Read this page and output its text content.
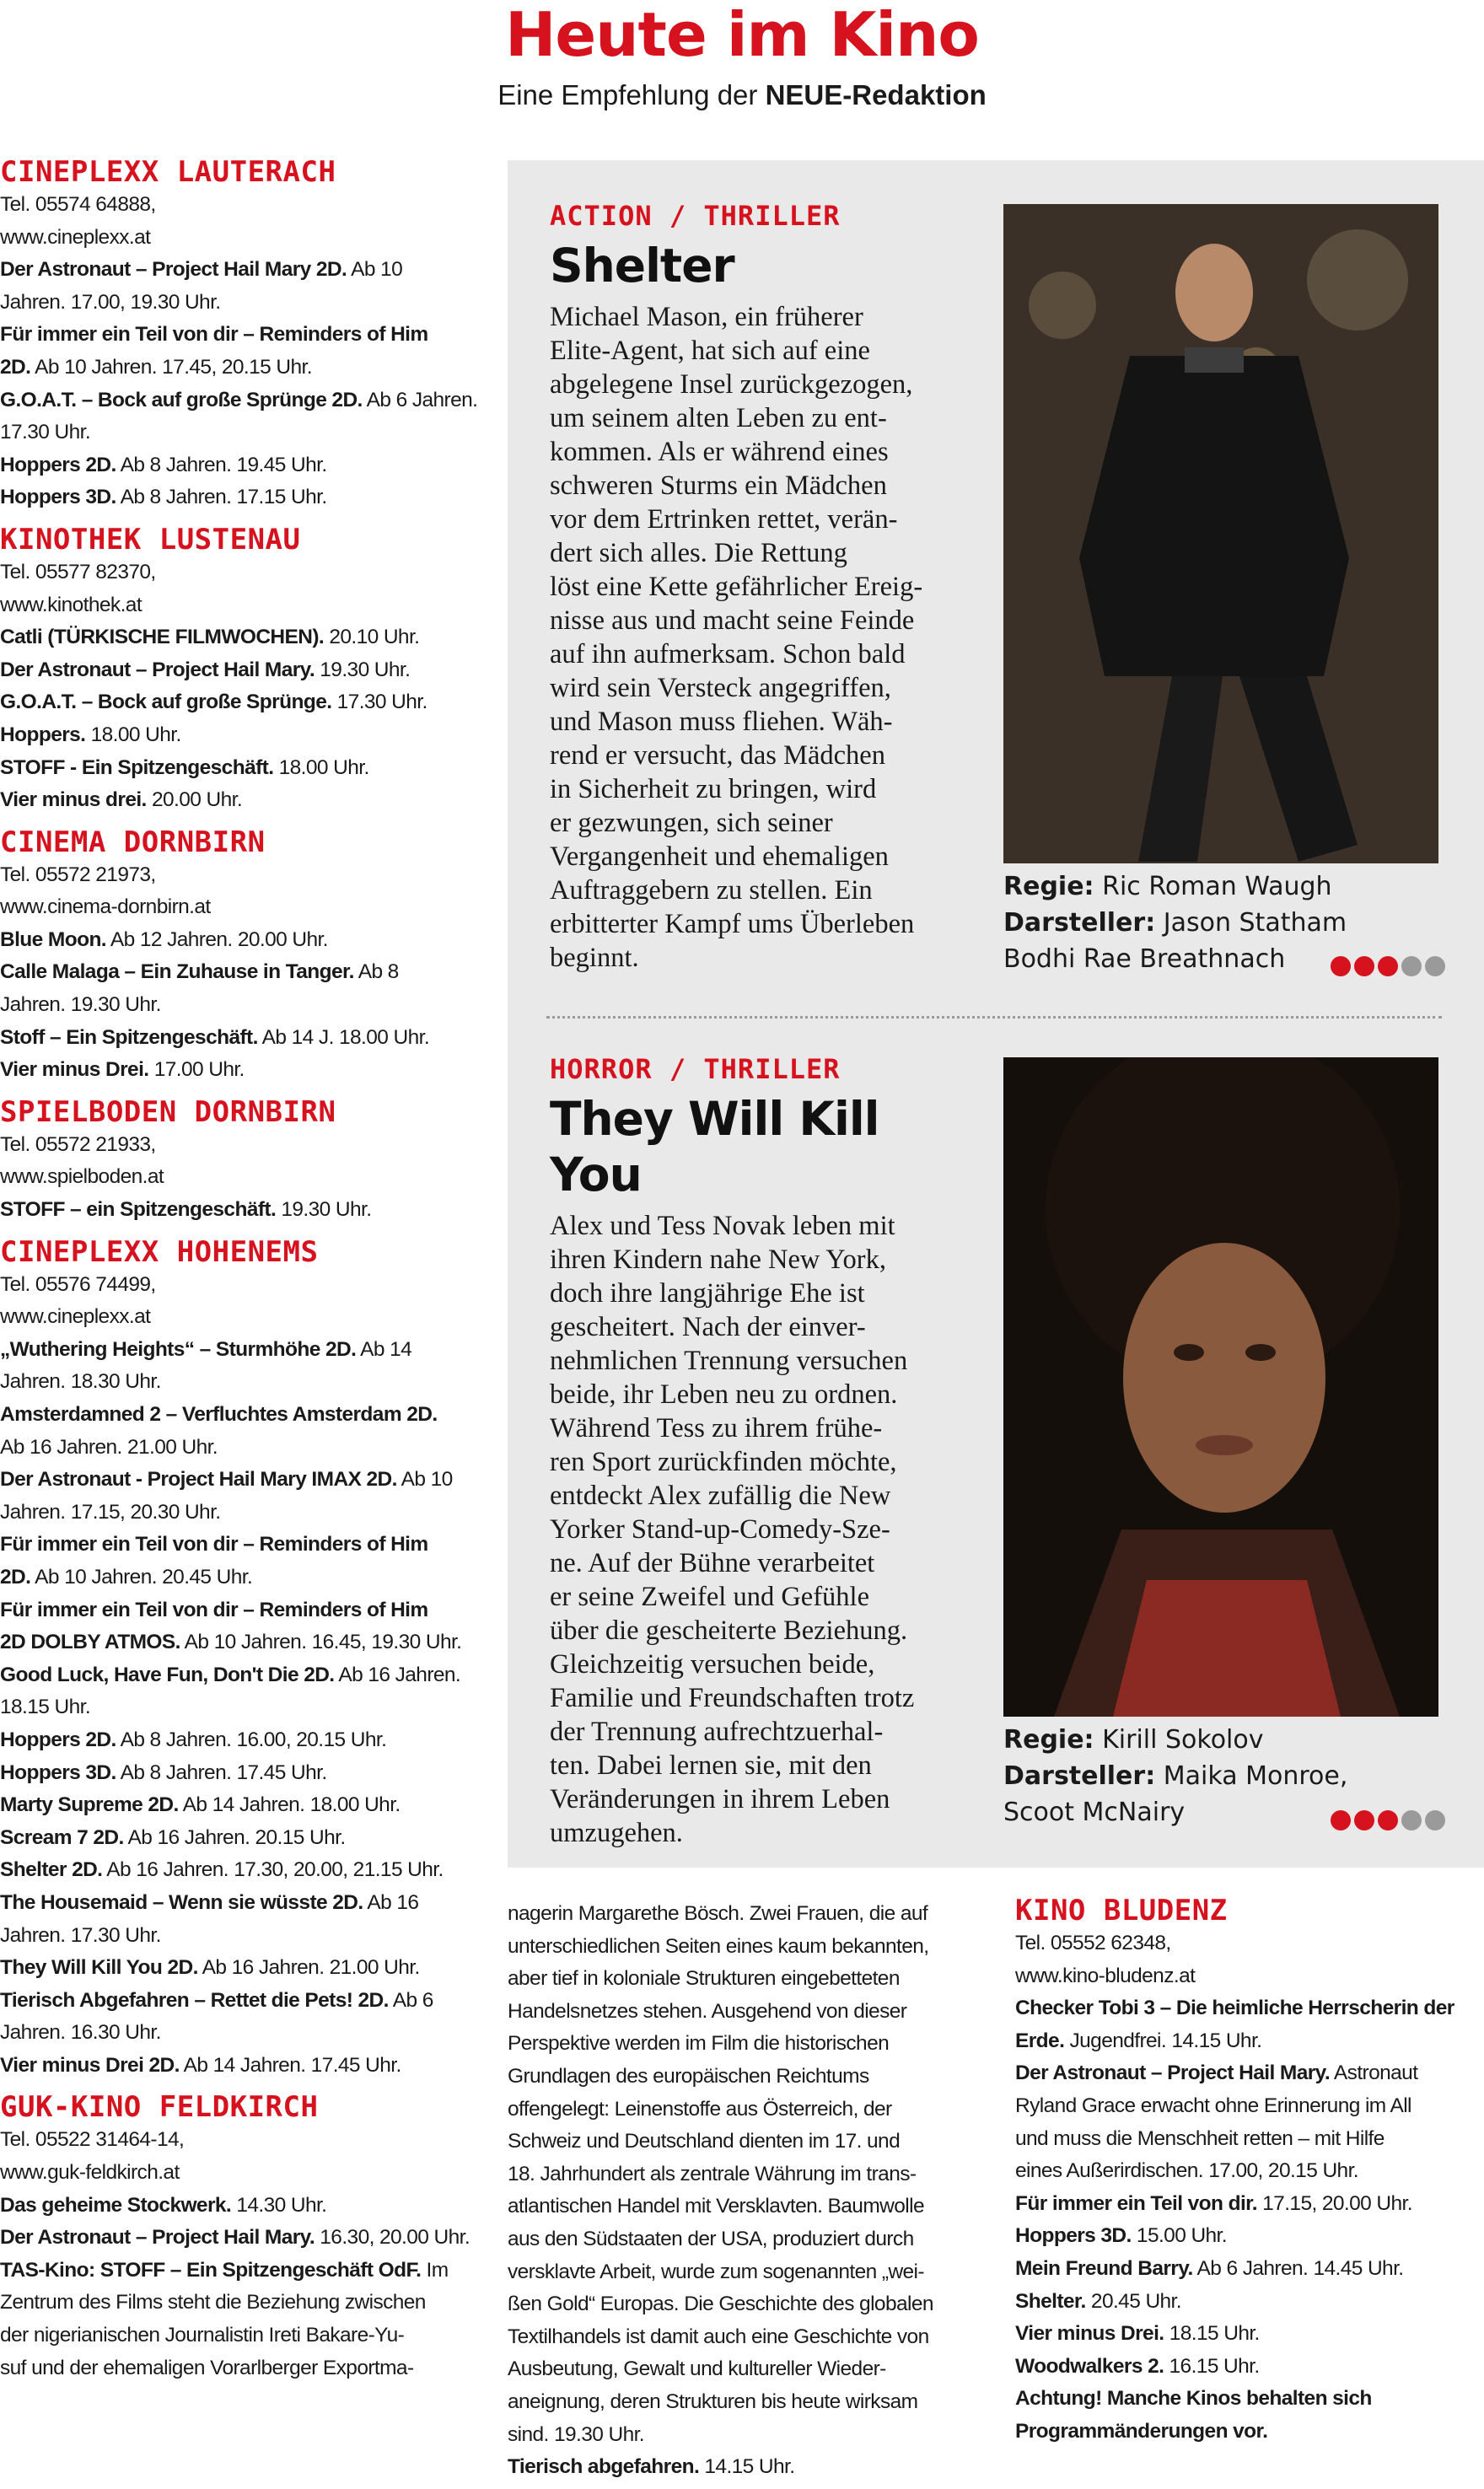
Heute im Kino
Eine Empfehlung der NEUE-Redaktion

CINEPLEXX LAUTERACH

Tel. 05574 64888,

www.cineplexx.at

Der Astronaut – Project Hail Mary 2D. Ab 10

Jahren. 17.00, 19.30 Uhr.

Für immer ein Teil von dir – Reminders of Him

2D. Ab 10 Jahren. 17.45, 20.15 Uhr.

G.O.A.T. – Bock auf große Sprünge 2D. Ab 6 Jahren.

17.30 Uhr.

Hoppers 2D. Ab 8 Jahren. 19.45 Uhr.

Hoppers 3D. Ab 8 Jahren. 17.15 Uhr.

KINOTHEK LUSTENAU

Tel. 05577 82370,

www.kinothek.at

Catli (TÜRKISCHE FILMWOCHEN). 20.10 Uhr.

Der Astronaut – Project Hail Mary. 19.30 Uhr.

G.O.A.T. – Bock auf große Sprünge. 17.30 Uhr.

Hoppers. 18.00 Uhr.

STOFF - Ein Spitzengeschäft. 18.00 Uhr.

Vier minus drei. 20.00 Uhr.

CINEMA DORNBIRN

Tel. 05572 21973,

www.cinema-dornbirn.at

Blue Moon. Ab 12 Jahren. 20.00 Uhr.

Calle Malaga – Ein Zuhause in Tanger. Ab 8

Jahren. 19.30 Uhr.

Stoff – Ein Spitzengeschäft. Ab 14 J. 18.00 Uhr.

Vier minus Drei. 17.00 Uhr.

SPIELBODEN DORNBIRN

Tel. 05572 21933,

www.spielboden.at

STOFF – ein Spitzengeschäft. 19.30 Uhr.

CINEPLEXX HOHENEMS

Tel. 05576 74499,

www.cineplexx.at

„Wuthering Heights“ – Sturmhöhe 2D. Ab 14

Jahren. 18.30 Uhr.

Amsterdamned 2 – Verfluchtes Amsterdam 2D.

Ab 16 Jahren. 21.00 Uhr.

Der Astronaut - Project Hail Mary IMAX 2D. Ab 10

Jahren. 17.15, 20.30 Uhr.

Für immer ein Teil von dir – Reminders of Him

2D. Ab 10 Jahren. 20.45 Uhr.

Für immer ein Teil von dir – Reminders of Him

2D DOLBY ATMOS. Ab 10 Jahren. 16.45, 19.30 Uhr.

Good Luck, Have Fun, Don't Die 2D. Ab 16 Jahren.

18.15 Uhr.

Hoppers 2D. Ab 8 Jahren. 16.00, 20.15 Uhr.

Hoppers 3D. Ab 8 Jahren. 17.45 Uhr.

Marty Supreme 2D. Ab 14 Jahren. 18.00 Uhr.

Scream 7 2D. Ab 16 Jahren. 20.15 Uhr.

Shelter 2D. Ab 16 Jahren. 17.30, 20.00, 21.15 Uhr.

The Housemaid – Wenn sie wüsste 2D. Ab 16

Jahren. 17.30 Uhr.

They Will Kill You 2D. Ab 16 Jahren. 21.00 Uhr.

Tierisch Abgefahren – Rettet die Pets! 2D. Ab 6

Jahren. 16.30 Uhr.

Vier minus Drei 2D. Ab 14 Jahren. 17.45 Uhr.

GUK-KINO FELDKIRCH

Tel. 05522 31464-14,

www.guk-feldkirch.at

Das geheime Stockwerk. 14.30 Uhr.

Der Astronaut – Project Hail Mary. 16.30, 20.00 Uhr.

TAS-Kino: STOFF – Ein Spitzengeschäft OdF. Im

Zentrum des Films steht die Beziehung zwischen

der nigerianischen Journalistin Ireti Bakare-Yu-

suf und der ehemaligen Vorarlberger Exportma-

ACTION / THRILLER
Shelter
Michael Mason, ein früherer
Elite-Agent, hat sich auf eine
abgelegene Insel zurückgezogen,
um seinem alten Leben zu ent-
kommen. Als er während eines
schweren Sturms ein Mädchen
vor dem Ertrinken rettet, verän-
dert sich alles. Die Rettung
löst eine Kette gefährlicher Ereig-
nisse aus und macht seine Feinde
auf ihn aufmerksam. Schon bald
wird sein Versteck angegriffen,
und Mason muss fliehen. Wäh-
rend er versucht, das Mädchen
in Sicherheit zu bringen, wird
er gezwungen, sich seiner
Vergangenheit und ehemaligen
Auftraggebern zu stellen. Ein
erbitterter Kampf ums Überleben
beginnt.
Regie: Ric Roman Waugh
Darsteller: Jason Statham
Bodhi Rae Breathnach
HORROR / THRILLER
They Will Kill You
Alex und Tess Novak leben mit
ihren Kindern nahe New York,
doch ihre langjährige Ehe ist
gescheitert. Nach der einver-
nehmlichen Trennung versuchen
beide, ihr Leben neu zu ordnen.
Während Tess zu ihrem frühe-
ren Sport zurückfinden möchte,
entdeckt Alex zufällig die New
Yorker Stand-up-Comedy-Sze-
ne. Auf der Bühne verarbeitet
er seine Zweifel und Gefühle
über die gescheiterte Beziehung.
Gleichzeitig versuchen beide,
Familie und Freundschaften trotz
der Trennung aufrechtzuerhal-
ten. Dabei lernen sie, mit den
Veränderungen in ihrem Leben
umzugehen.
Regie: Kirill Sokolov
Darsteller: Maika Monroe,
Scoot McNairy

nagerin Margarethe Bösch. Zwei Frauen, die auf

unterschiedlichen Seiten eines kaum bekannten,

aber tief in koloniale Strukturen eingebetteten

Handelsnetzes stehen. Ausgehend von dieser

Perspektive werden im Film die historischen

Grundlagen des europäischen Reichtums

offengelegt: Leinenstoffe aus Österreich, der

Schweiz und Deutschland dienten im 17. und

18. Jahrhundert als zentrale Währung im trans-

atlantischen Handel mit Versklavten. Baumwolle

aus den Südstaaten der USA, produziert durch

versklavte Arbeit, wurde zum sogenannten „wei-

ßen Gold“ Europas. Die Geschichte des globalen

Textilhandels ist damit auch eine Geschichte von

Ausbeutung, Gewalt und kultureller Wieder-

aneignung, deren Strukturen bis heute wirksam

sind. 19.30 Uhr.

Tierisch abgefahren. 14.15 Uhr.

KINO BLUDENZ

Tel. 05552 62348,

www.kino-bludenz.at

Checker Tobi 3 – Die heimliche Herrscherin der

Erde. Jugendfrei. 14.15 Uhr.

Der Astronaut – Project Hail Mary. Astronaut

Ryland Grace erwacht ohne Erinnerung im All

und muss die Menschheit retten – mit Hilfe

eines Außerirdischen. 17.00, 20.15 Uhr.

Für immer ein Teil von dir. 17.15, 20.00 Uhr.

Hoppers 3D. 15.00 Uhr.

Mein Freund Barry. Ab 6 Jahren. 14.45 Uhr.

Shelter. 20.45 Uhr.

Vier minus Drei. 18.15 Uhr.

Woodwalkers 2. 16.15 Uhr.

Achtung! Manche Kinos behalten sich

Programmänderungen vor.
